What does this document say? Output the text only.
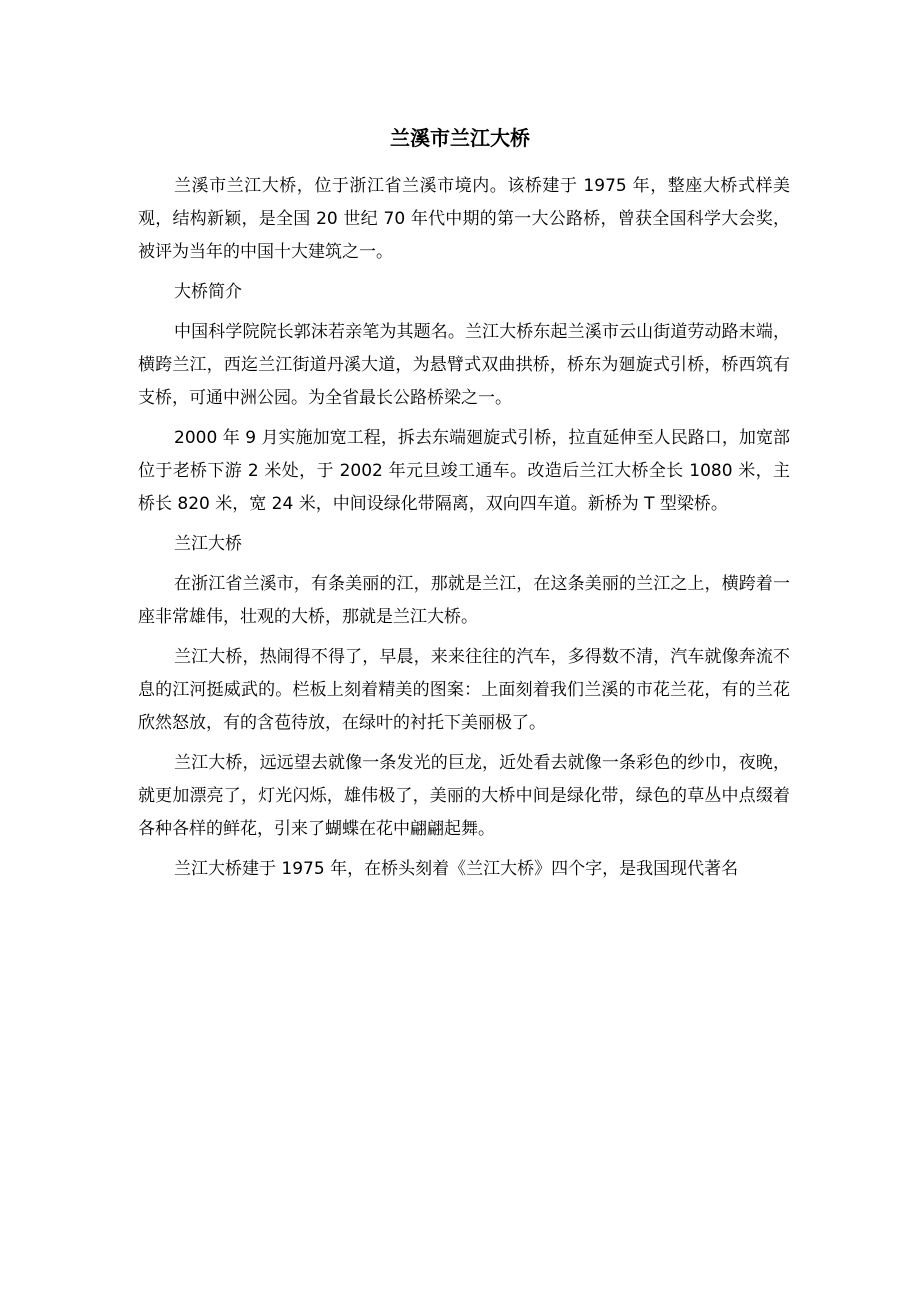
兰溪市兰江大桥

兰溪市兰江大桥，位于浙江省兰溪市境内。该桥建于 1975 年，整座大桥式样美观，结构新颖，是全国 20 世纪 70 年代中期的第一大公路桥，曾获全国科学大会奖，被评为当年的中国十大建筑之一。

大桥简介

中国科学院院长郭沫若亲笔为其题名。兰江大桥东起兰溪市云山街道劳动路末端，横跨兰江，西迄兰江街道丹溪大道，为悬臂式双曲拱桥，桥东为廻旋式引桥，桥西筑有支桥，可通中洲公园。为全省最长公路桥梁之一。

2000 年 9 月实施加宽工程，拆去东端廻旋式引桥，拉直延伸至人民路口，加宽部位于老桥下游 2 米处，于 2002 年元旦竣工通车。改造后兰江大桥全长 1080 米，主桥长 820 米，宽 24 米，中间设绿化带隔离，双向四车道。新桥为 T 型梁桥。

兰江大桥

在浙江省兰溪市，有条美丽的江，那就是兰江，在这条美丽的兰江之上，横跨着一座非常雄伟，壮观的大桥，那就是兰江大桥。

兰江大桥，热闹得不得了，早晨，来来往往的汽车，多得数不清，汽车就像奔流不息的江河挺威武的。栏板上刻着精美的图案：上面刻着我们兰溪的市花兰花，有的兰花欣然怒放，有的含苞待放，在绿叶的衬托下美丽极了。

兰江大桥，远远望去就像一条发光的巨龙，近处看去就像一条彩色的纱巾，夜晚，就更加漂亮了，灯光闪烁，雄伟极了，美丽的大桥中间是绿化带，绿色的草丛中点缀着各种各样的鲜花，引来了蝴蝶在花中翩翩起舞。

兰江大桥建于 1975 年，在桥头刻着《兰江大桥》四个字，是我国现代著名
